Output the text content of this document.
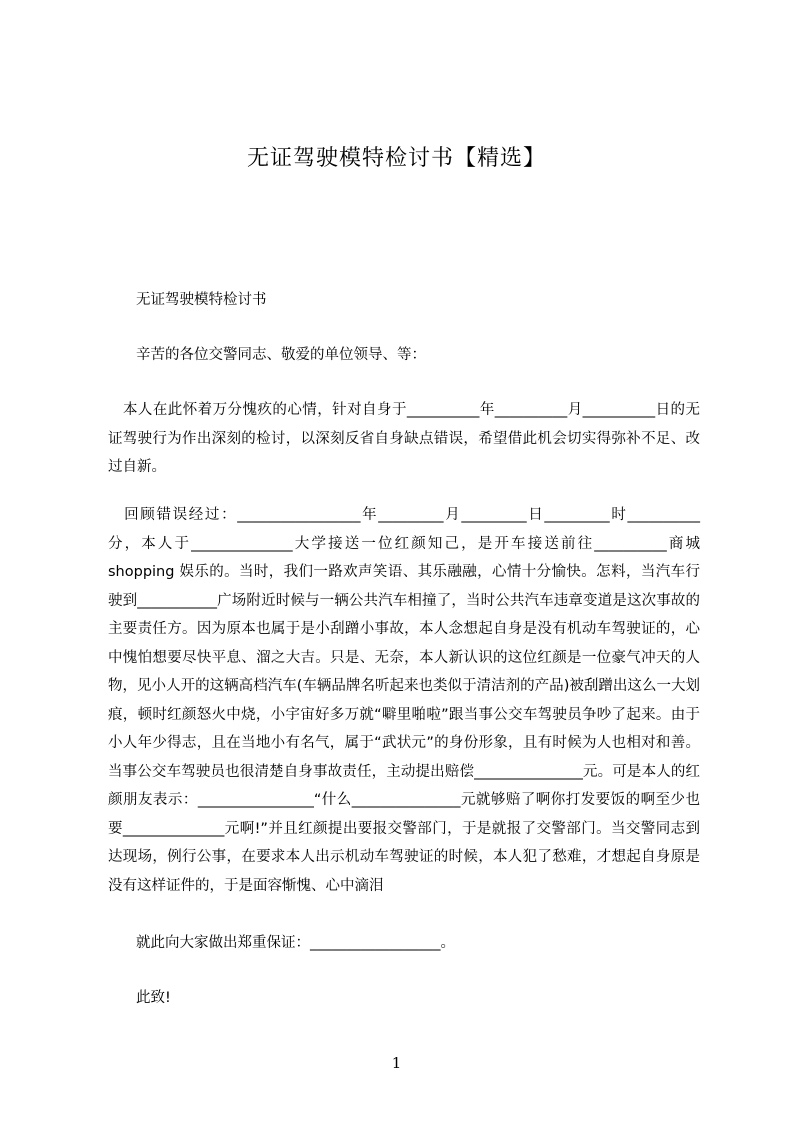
无证驾驶模特检讨书【精选】
无证驾驶模特检讨书
辛苦的各位交警同志、敬爱的单位领导、等：
　本人在此怀着万分愧疚的心情，针对自身于__________年__________月__________日的无证驾驶行为作出深刻的检讨，以深刻反省自身缺点错误，希望借此机会切实得弥补不足、改过自新。
　回顾错误经过：_________________年_________月_________日_________时__________分，本人于______________大学接送一位红颜知己，是开车接送前往__________商城 shopping 娱乐的。当时，我们一路欢声笑语、其乐融融，心情十分愉快。怎料，当汽车行驶到___________广场附近时候与一辆公共汽车相撞了，当时公共汽车违章变道是这次事故的主要责任方。因为原本也属于是小刮蹭小事故，本人念想起自身是没有机动车驾驶证的，心中愧怕想要尽快平息、溜之大吉。只是、无奈，本人新认识的这位红颜是一位豪气冲天的人物，见小人开的这辆高档汽车(车辆品牌名听起来也类似于清洁剂的产品)被刮蹭出这么一大划痕，顿时红颜怒火中烧，小宇宙好多万就“噼里啪啦”跟当事公交车驾驶员争吵了起来。由于小人年少得志，且在当地小有名气，属于“武状元”的身份形象，且有时候为人也相对和善。当事公交车驾驶员也很清楚自身事故责任，主动提出赔偿_______________元。可是本人的红颜朋友表示：________________“什么_______________元就够赔了啊你打发要饭的啊至少也要______________元啊!”并且红颜提出要报交警部门，于是就报了交警部门。当交警同志到达现场，例行公事，在要求本人出示机动车驾驶证的时候，本人犯了愁难，才想起自身原是没有这样证件的，于是面容惭愧、心中滴泪
就此向大家做出郑重保证：__________________。
此致!
1
